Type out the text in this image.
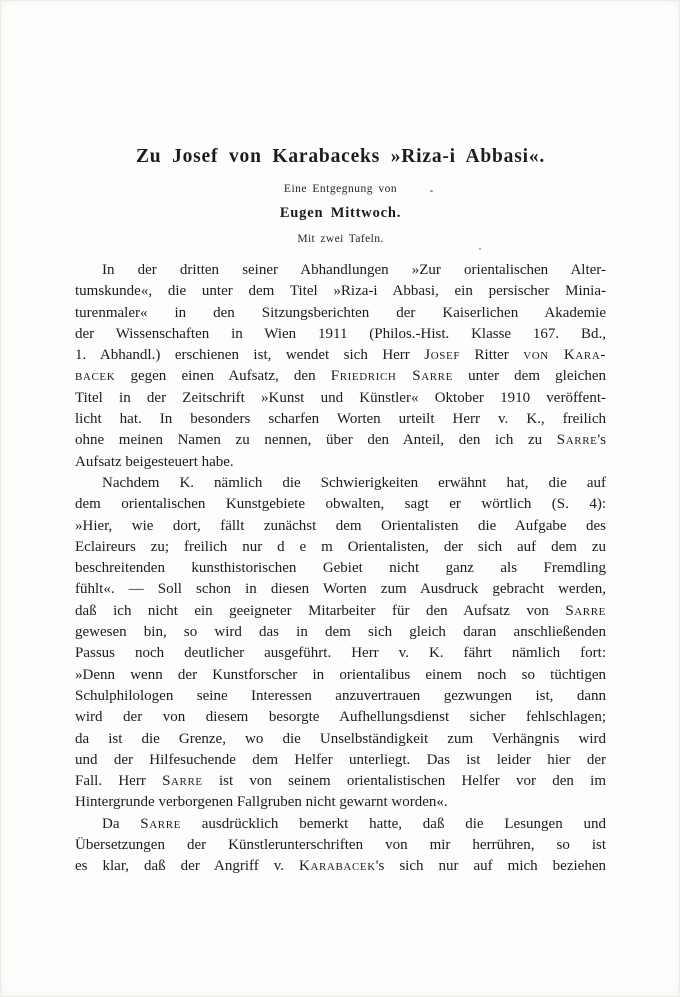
Zu Josef von Karabaceks »Riza-i Abbasi«.
Eine Entgegnung von
Eugen Mittwoch.
Mit zwei Tafeln.
In der dritten seiner Abhandlungen »Zur orientalischen Alter-
tumskunde«, die unter dem Titel »Riza-i Abbasi, ein persischer Minia-
turenmaler« in den Sitzungsberichten der Kaiserlichen Akademie
der Wissenschaften in Wien 1911 (Philos.-Hist. Klasse 167. Bd.,
1. Abhandl.) erschienen ist, wendet sich Herr Josef Ritter von Kara-
bacek gegen einen Aufsatz, den Friedrich Sarre unter dem gleichen
Titel in der Zeitschrift »Kunst und Künstler« Oktober 1910 veröffent-
licht hat. In besonders scharfen Worten urteilt Herr v. K., freilich
ohne meinen Namen zu nennen, über den Anteil, den ich zu Sarre's
Aufsatz beigesteuert habe.
Nachdem K. nämlich die Schwierigkeiten erwähnt hat, die auf
dem orientalischen Kunstgebiete obwalten, sagt er wörtlich (S. 4):
»Hier, wie dort, fällt zunächst dem Orientalisten die Aufgabe des
Eclaireurs zu; freilich nur d e m Orientalisten, der sich auf dem zu
beschreitenden kunsthistorischen Gebiet nicht ganz als Fremdling
fühlt«. — Soll schon in diesen Worten zum Ausdruck gebracht werden,
daß ich nicht ein geeigneter Mitarbeiter für den Aufsatz von Sarre
gewesen bin, so wird das in dem sich gleich daran anschließenden
Passus noch deutlicher ausgeführt. Herr v. K. fährt nämlich fort:
»Denn wenn der Kunstforscher in orientalibus einem noch so tüchtigen
Schulphilologen seine Interessen anzuvertrauen gezwungen ist, dann
wird der von diesem besorgte Aufhellungsdienst sicher fehlschlagen;
da ist die Grenze, wo die Unselbständigkeit zum Verhängnis wird
und der Hilfesuchende dem Helfer unterliegt. Das ist leider hier der
Fall. Herr Sarre ist von seinem orientalistischen Helfer vor den im
Hintergrunde verborgenen Fallgruben nicht gewarnt worden«.
Da Sarre ausdrücklich bemerkt hatte, daß die Lesungen und
Übersetzungen der Künstlerunterschriften von mir herrühren, so ist
es klar, daß der Angriff v. Karabacek's sich nur auf mich beziehen
